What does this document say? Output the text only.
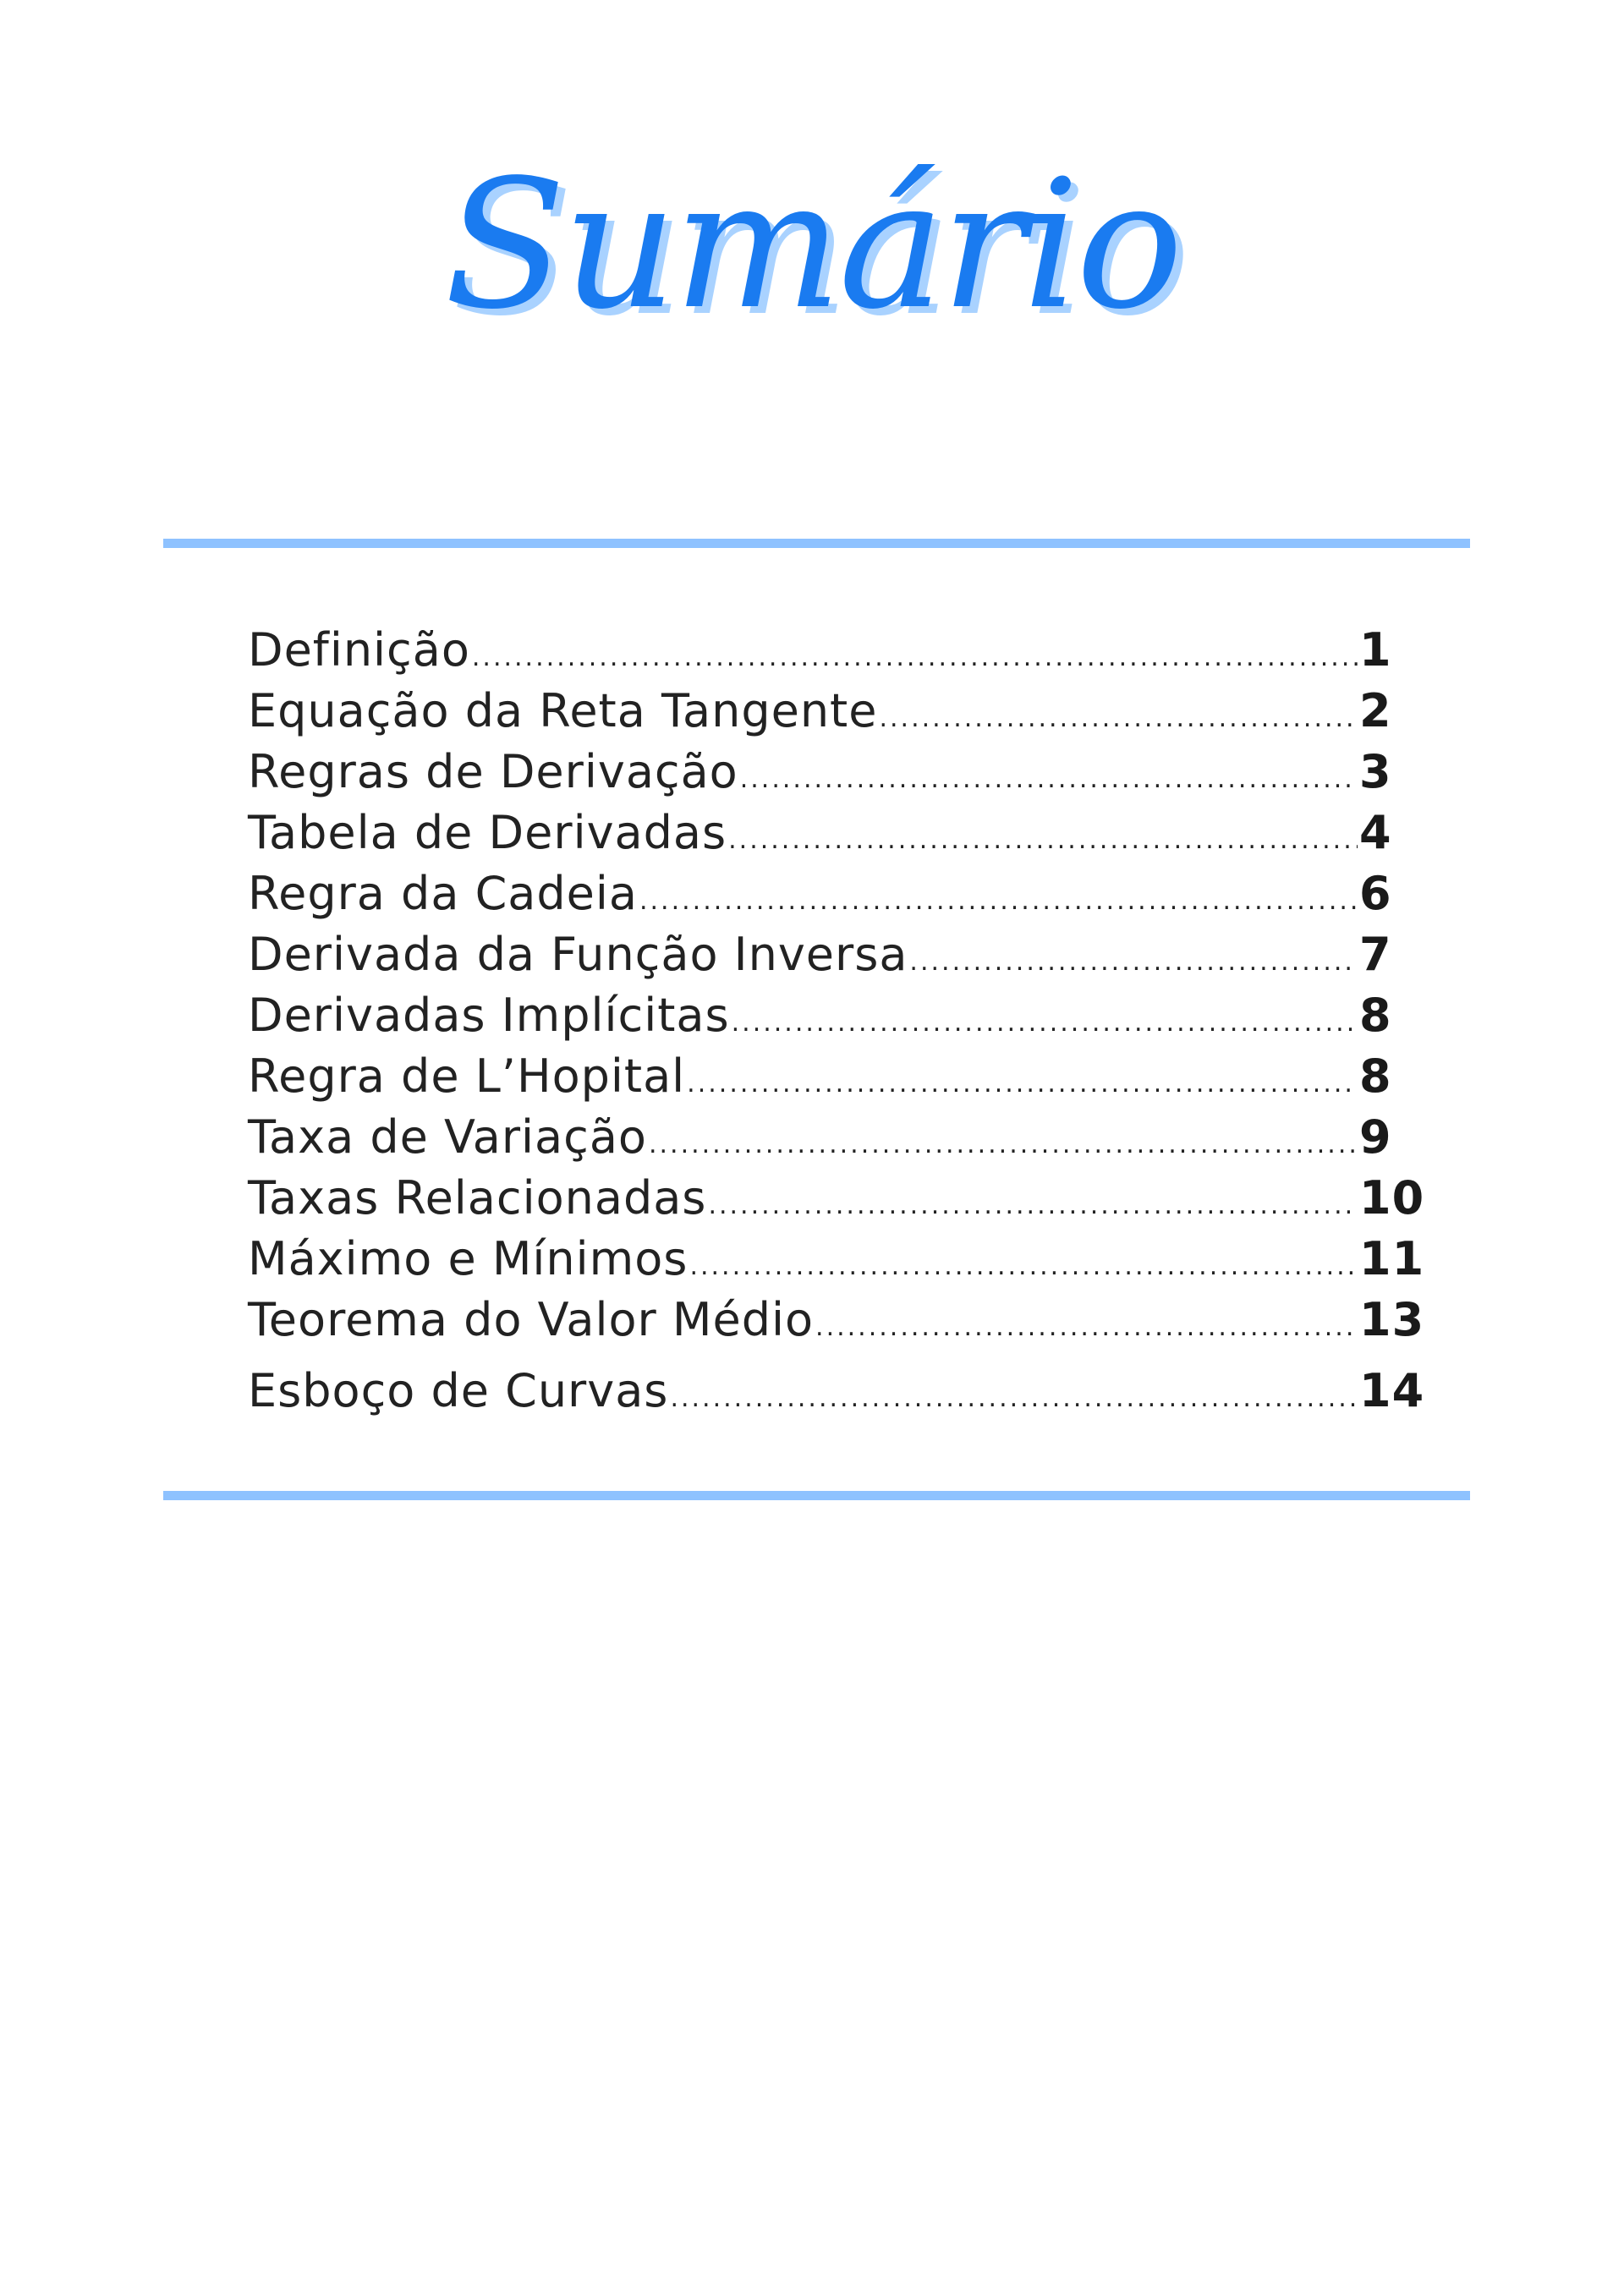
Sumário
Definição .....	1
Equação da Reta Tangente .....	2
Regras de Derivação .....	3
Tabela de Derivadas .....	4
Regra da Cadeia .....	6
Derivada da Função Inversa .....	7
Derivadas Implícitas .....	8
Regra de L’Hopital .....	8
Taxa de Variação .....	9
Taxas Relacionadas .....	10
Máximo e Mínimos .....	11
Teorema do Valor Médio .....	13
Esboço de Curvas .....	14
